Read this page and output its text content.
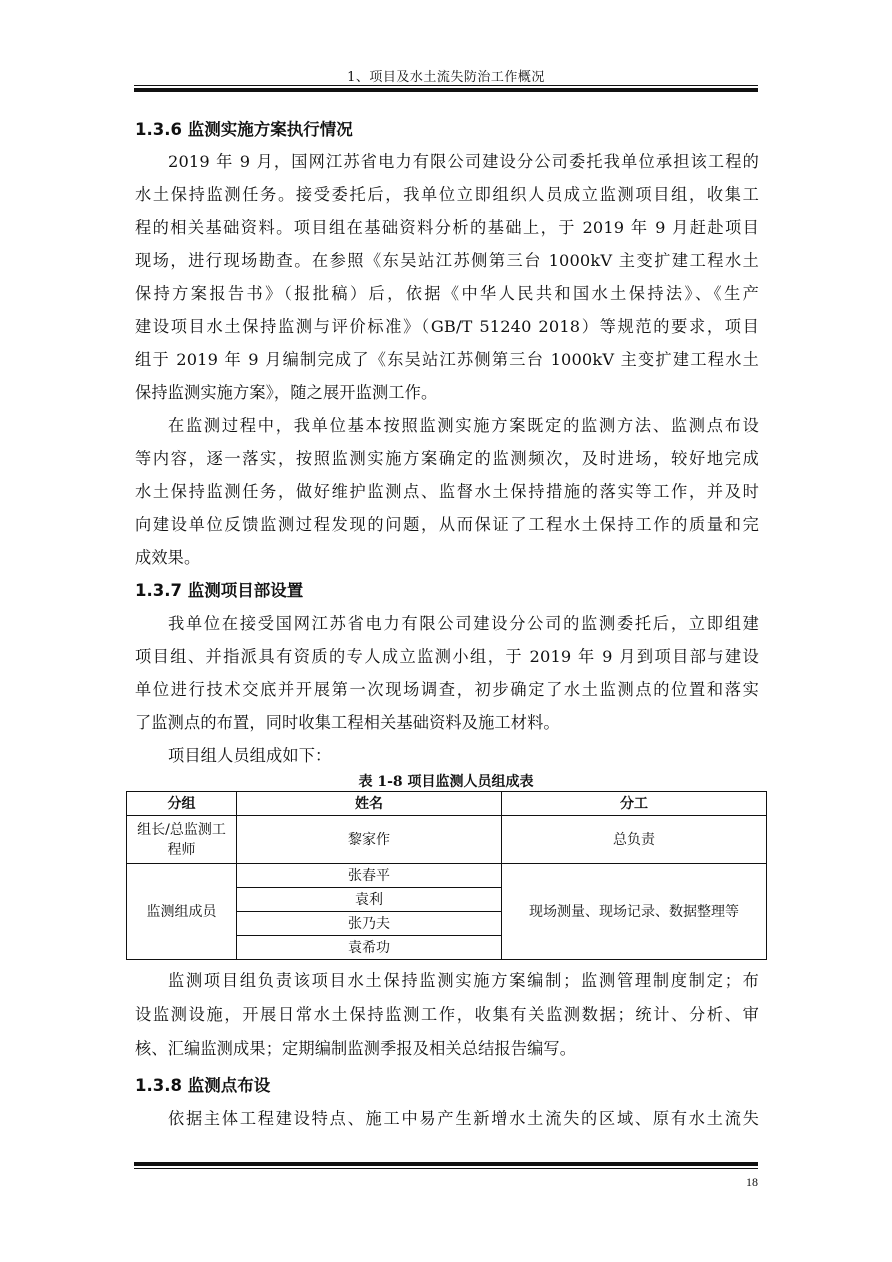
1、项目及水土流失防治工作概况
1.3.6 监测实施方案执行情况
2019 年 9 月，国网江苏省电力有限公司建设分公司委托我单位承担该工程的
水土保持监测任务。接受委托后，我单位立即组织人员成立监测项目组，收集工
程的相关基础资料。项目组在基础资料分析的基础上，于 2019 年 9 月赶赴项目
现场，进行现场勘查。在参照《东吴站江苏侧第三台 1000kV 主变扩建工程水土
保持方案报告书》（报批稿）后，依据《中华人民共和国水土保持法》、《生产
建设项目水土保持监测与评价标准》（GB/T 51240 2018）等规范的要求，项目
组于 2019 年 9 月编制完成了《东吴站江苏侧第三台 1000kV 主变扩建工程水土
保持监测实施方案》，随之展开监测工作。
在监测过程中，我单位基本按照监测实施方案既定的监测方法、监测点布设
等内容，逐一落实，按照监测实施方案确定的监测频次，及时进场，较好地完成
水土保持监测任务，做好维护监测点、监督水土保持措施的落实等工作，并及时
向建设单位反馈监测过程发现的问题，从而保证了工程水土保持工作的质量和完
成效果。
1.3.7 监测项目部设置
我单位在接受国网江苏省电力有限公司建设分公司的监测委托后，立即组建
项目组、并指派具有资质的专人成立监测小组，于 2019 年 9 月到项目部与建设
单位进行技术交底并开展第一次现场调查，初步确定了水土监测点的位置和落实
了监测点的布置，同时收集工程相关基础资料及施工材料。
项目组人员组成如下：
表 1-8 项目监测人员组成表
分组	姓名	分工
组长/总监测工程师	黎家作	总负责
监测组成员	张春平	现场测量、现场记录、数据整理等
	袁利	
	张乃夫	
	袁希功	
监测项目组负责该项目水土保持监测实施方案编制；监测管理制度制定；布
设监测设施，开展日常水土保持监测工作，收集有关监测数据；统计、分析、审
核、汇编监测成果；定期编制监测季报及相关总结报告编写。
1.3.8 监测点布设
依据主体工程建设特点、施工中易产生新增水土流失的区域、原有水土流失
18
